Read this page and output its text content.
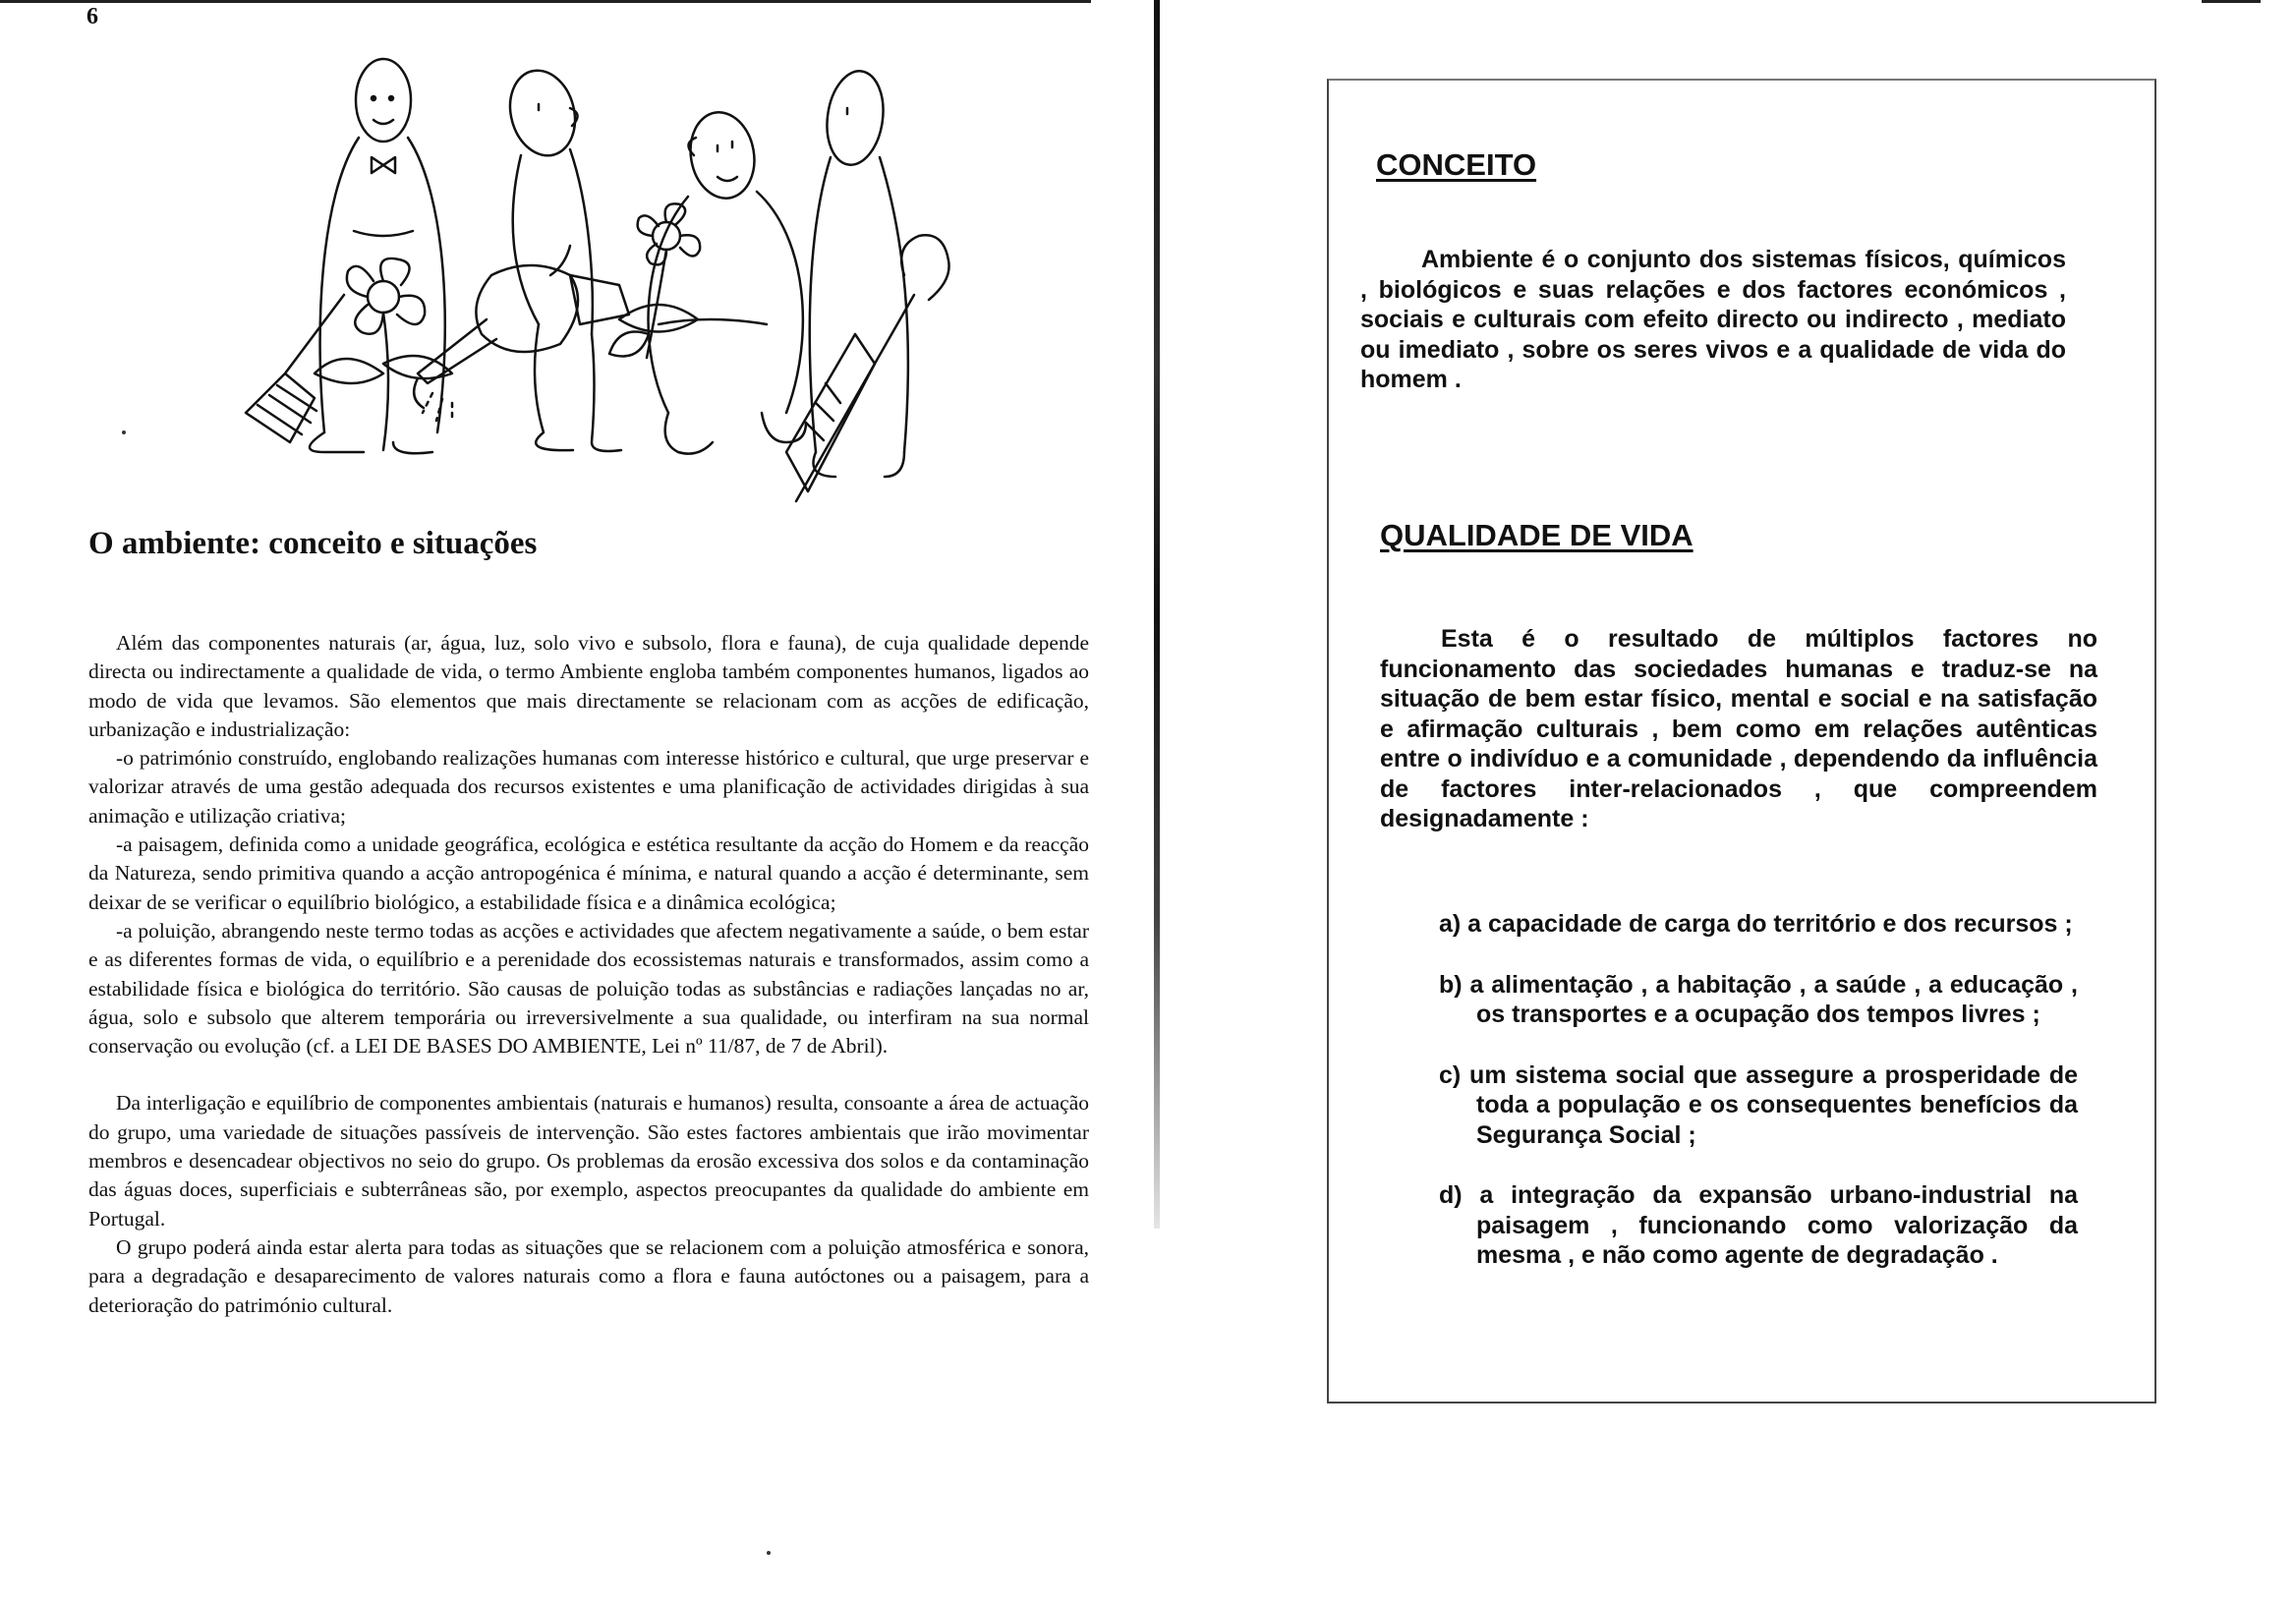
6
O ambiente: conceito e situações

Além das componentes naturais (ar, água, luz, solo vivo e subsolo, flora e fauna), de cuja qualidade depende directa ou indirectamente a qualidade de vida, o termo Ambiente engloba também componentes humanos, ligados ao modo de vida que levamos. São elementos que mais directamente se relacionam com as acções de edificação, urbanização e industrialização:

-o património construído, englobando realizações humanas com interesse histórico e cultural, que urge preservar e valorizar através de uma gestão adequada dos recursos existentes e uma planificação de actividades dirigidas à sua animação e utilização criativa;

-a paisagem, definida como a unidade geográfica, ecológica e estética resultante da acção do Homem e da reacção da Natureza, sendo primitiva quando a acção antropogénica é mínima, e natural quando a acção é determinante, sem deixar de se verificar o equilíbrio biológico, a estabilidade física e a dinâmica ecológica;

-a poluição, abrangendo neste termo todas as acções e actividades que afectem negativamente a saúde, o bem estar e as diferentes formas de vida, o equilíbrio e a perenidade dos ecossistemas naturais e transformados, assim como a estabilidade física e biológica do território. São causas de poluição todas as substâncias e radiações lançadas no ar, água, solo e subsolo que alterem temporária ou irreversivelmente a sua qualidade, ou interfiram na sua normal conservação ou evolução (cf. a LEI DE BASES DO AMBIENTE, Lei nº 11/87, de 7 de Abril).

Da interligação e equilíbrio de componentes ambientais (naturais e humanos) resulta, consoante a área de actuação do grupo, uma variedade de situações passíveis de intervenção. São estes factores ambientais que irão movimentar membros e desencadear objectivos no seio do grupo. Os problemas da erosão excessiva dos solos e da contaminação das águas doces, superficiais e subterrâneas são, por exemplo, aspectos preocupantes da qualidade do ambiente em Portugal.

O grupo poderá ainda estar alerta para todas as situações que se relacionem com a poluição atmosférica e sonora, para a degradação e desaparecimento de valores naturais como a flora e fauna autóctones ou a paisagem, para a deterioração do património cultural.

CONCEITO

Ambiente é o conjunto dos sistemas físicos, químicos , biológicos e suas relações e dos factores económicos , sociais e culturais com efeito directo ou indirecto , mediato ou imediato , sobre os seres vivos e a qualidade de vida do homem .

QUALIDADE DE VIDA

Esta é o resultado de múltiplos factores no funcionamento das sociedades humanas e traduz-se na situação de bem estar físico, mental e social e na satisfação e afirmação culturais , bem como em relações autênticas entre o indivíduo e a comunidade , dependendo da influência de factores inter-relacionados , que compreendem designadamente :

a) a capacidade de carga do território e dos recursos ;
b) a alimentação , a habitação , a saúde , a educação , os transportes e a ocupação dos tempos livres ;
c) um sistema social que assegure a prosperidade de toda a população e os consequentes benefícios da Segurança Social ;
d) a integração da expansão urbano-industrial na paisagem , funcionando como valorização da mesma , e não como agente de degradação .
